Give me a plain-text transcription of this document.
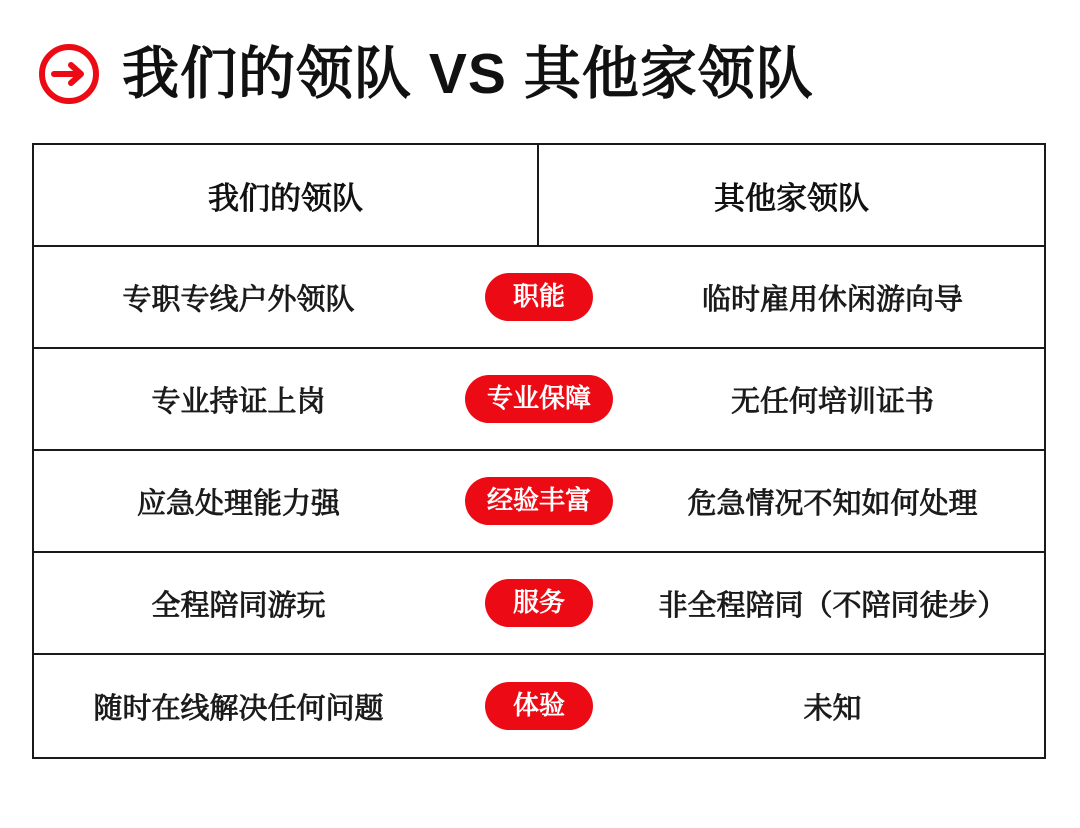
我们的领队 VS 其他家领队
我们的领队	其他家领队
专职专线户外领队	职能	临时雇用休闲游向导
专业持证上岗	专业保障	无任何培训证书
应急处理能力强	经验丰富	危急情况不知如何处理
全程陪同游玩	服务	非全程陪同（不陪同徒步）
随时在线解决任何问题	体验	未知
